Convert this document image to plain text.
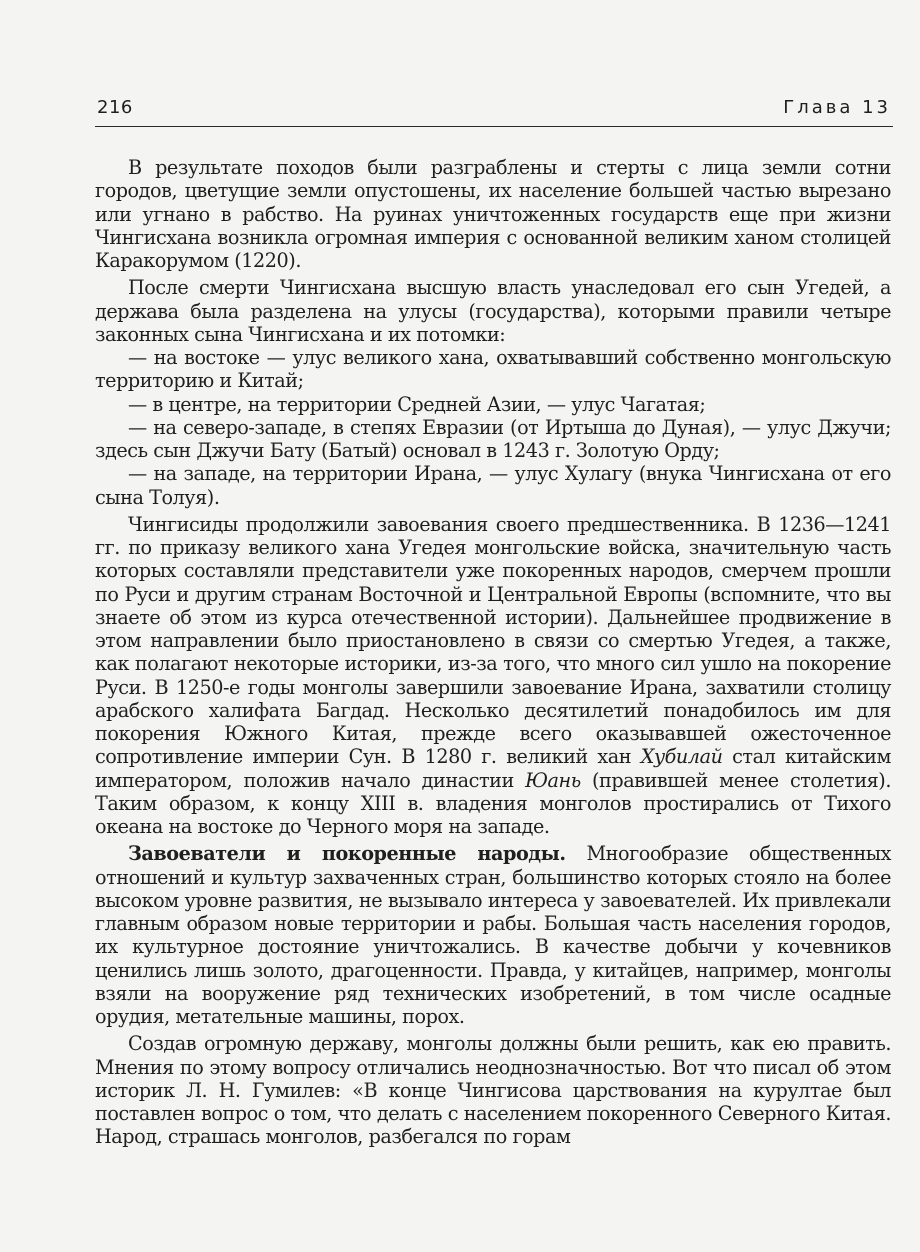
216	Глава 13

В результате походов были разграблены и стерты с лица земли сотни городов, цветущие земли опустошены, их население большей частью вырезано или угнано в рабство. На руинах уничтоженных государств еще при жизни Чингисхана возникла огромная империя с основанной великим ханом столицей Каракорумом (1220).

После смерти Чингисхана высшую власть унаследовал его сын Угедей, а держава была разделена на улусы (государства), которыми правили четыре законных сына Чингисхана и их потомки:

— на востоке — улус великого хана, охватывавший собственно монгольскую территорию и Китай;

— в центре, на территории Средней Азии, — улус Чагатая;

— на северо-западе, в степях Евразии (от Иртыша до Дуная), — улус Джучи; здесь сын Джучи Бату (Батый) основал в 1243 г. Золотую Орду;

— на западе, на территории Ирана, — улус Хулагу (внука Чингисхана от его сына Толуя).

Чингисиды продолжили завоевания своего предшественника. В 1236—1241 гг. по приказу великого хана Угедея монгольские войска, значительную часть которых составляли представители уже покоренных народов, смерчем прошли по Руси и другим странам Восточной и Центральной Европы (вспомните, что вы знаете об этом из курса отечественной истории). Дальнейшее продвижение в этом направлении было приостановлено в связи со смертью Угедея, а также, как полагают некоторые историки, из-за того, что много сил ушло на покорение Руси. В 1250-е годы монголы завершили завоевание Ирана, захватили столицу арабского халифата Багдад. Несколько десятилетий понадобилось им для покорения Южного Китая, прежде всего оказывавшей ожесточенное сопротивление империи Сун. В 1280 г. великий хан Хубилай стал китайским императором, положив начало династии Юань (правившей менее столетия). Таким образом, к концу XIII в. владения монголов простирались от Тихого океана на востоке до Черного моря на западе.

Завоеватели и покоренные народы. Многообразие общественных отношений и культур захваченных стран, большинство которых стояло на более высоком уровне развития, не вызывало интереса у завоевателей. Их привлекали главным образом новые территории и рабы. Большая часть населения городов, их культурное достояние уничтожались. В качестве добычи у кочевников ценились лишь золото, драгоценности. Правда, у китайцев, например, монголы взяли на вооружение ряд технических изобретений, в том числе осадные орудия, метательные машины, порох.

Создав огромную державу, монголы должны были решить, как ею править. Мнения по этому вопросу отличались неоднозначностью. Вот что писал об этом историк Л. Н. Гумилев: «В конце Чингисова царствования на курултае был поставлен вопрос о том, что делать с населением покоренного Северного Китая. Народ, страшась монголов, разбегался по горам
